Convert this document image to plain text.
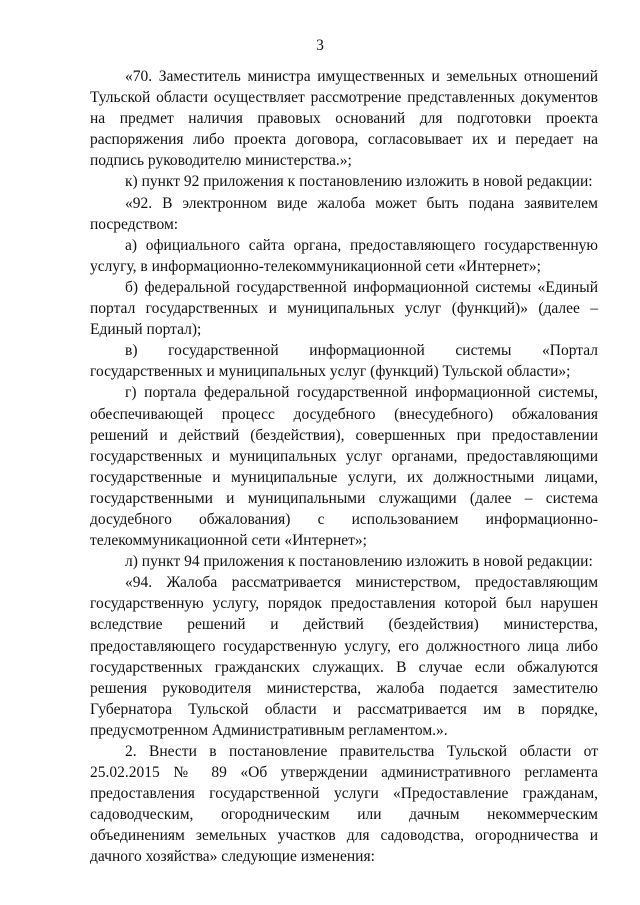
3

«70. Заместитель министра имущественных и земельных отношений Тульской области осуществляет рассмотрение представленных документов на предмет наличия правовых оснований для подготовки проекта распоряжения либо проекта договора, согласовывает их и передает на подпись руководителю министерства.»;

к) пункт 92 приложения к постановлению изложить в новой редакции:

«92. В электронном виде жалоба может быть подана заявителем посредством:

а) официального сайта органа, предоставляющего государственную услугу, в информационно-телекоммуникационной сети «Интернет»;

б) федеральной государственной информационной системы «Единый портал государственных и муниципальных услуг (функций)» (далее – Единый портал);

в) государственной информационной системы «Портал государственных и муниципальных услуг (функций) Тульской области»;

г) портала федеральной государственной информационной системы, обеспечивающей процесс досудебного (внесудебного) обжалования решений и действий (бездействия), совершенных при предоставлении государственных и муниципальных услуг органами, предоставляющими государственные и муниципальные услуги, их должностными лицами, государственными и муниципальными служащими (далее – система досудебного обжалования) с использованием информационно-телекоммуникационной сети «Интернет»;

л) пункт 94 приложения к постановлению изложить в новой редакции:

«94. Жалоба рассматривается министерством, предоставляющим государственную услугу, порядок предоставления которой был нарушен вследствие решений и действий (бездействия) министерства, предоставляющего государственную услугу, его должностного лица либо государственных гражданских служащих. В случае если обжалуются решения руководителя министерства, жалоба подается заместителю Губернатора Тульской области и рассматривается им в порядке, предусмотренном Административным регламентом.».

2. Внести в постановление правительства Тульской области от 25.02.2015 № 89 «Об утверждении административного регламента предоставления государственной услуги «Предоставление гражданам, садоводческим, огородническим или дачным некоммерческим объединениям земельных участков для садоводства, огородничества и дачного хозяйства» следующие изменения:
